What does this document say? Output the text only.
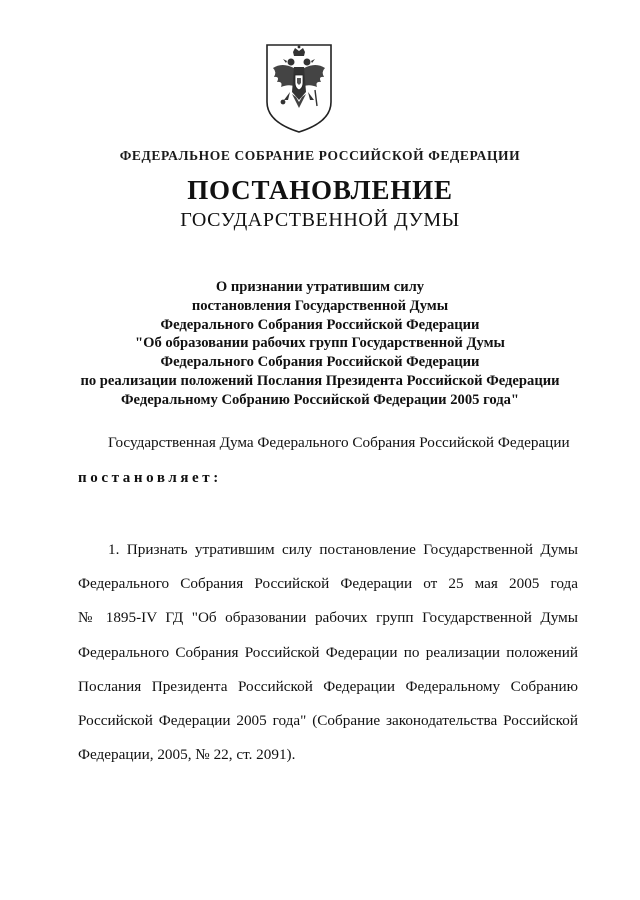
ФЕДЕРАЛЬНОЕ СОБРАНИЕ РОССИЙСКОЙ ФЕДЕРАЦИИ
ПОСТАНОВЛЕНИЕ
ГОСУДАРСТВЕННОЙ ДУМЫ
О признании утратившим силу
постановления Государственной Думы
Федерального Собрания Российской Федерации
"Об образовании рабочих групп Государственной Думы
Федерального Собрания Российской Федерации
по реализации положений Послания Президента Российской Федерации
Федеральному Собранию Российской Федерации 2005 года"
Государственная Дума Федерального Собрания Российской Федерации
постановляет:
1. Признать утратившим силу постановление Государственной Думы
Федерального Собрания Российской Федерации от 25 мая 2005 года
№ 1895-IV ГД "Об образовании рабочих групп Государственной Думы
Федерального Собрания Российской Федерации по реализации положений
Послания Президента Российской Федерации Федеральному Собранию
Российской Федерации 2005 года" (Собрание законодательства Российской
Федерации, 2005, № 22, ст. 2091).
